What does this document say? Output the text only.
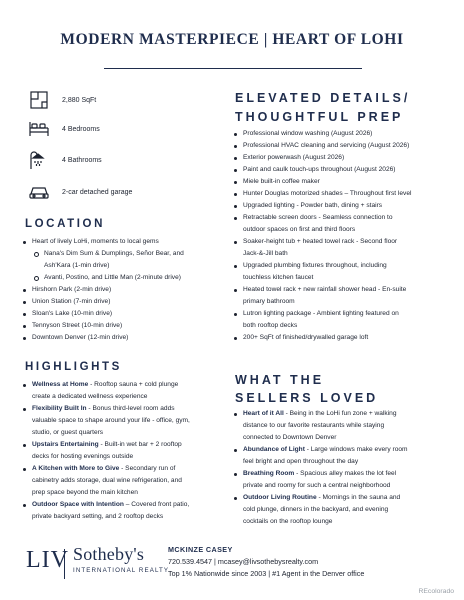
MODERN MASTERPIECE | HEART OF LOHI
2,880 SqFt
4 Bedrooms
4 Bathrooms
2-car detached garage
LOCATION
Heart of lively LoHi, moments to local gems
Nana's Dim Sum & Dumplings, Señor Bear, and
Ash'Kara (1-min drive)
Avanti, Postino, and Little Man (2-minute drive)
Hirshorn Park (2-min drive)
Union Station (7-min drive)
Sloan's Lake (10-min drive)
Tennyson Street (10-min drive)
Downtown Denver (12-min drive)
HIGHLIGHTS
Wellness at Home - Rooftop sauna + cold plunge
create a dedicated wellness experience
Flexibility Built In - Bonus third-level room adds
valuable space to shape around your life - office, gym,
studio, or guest quarters
Upstairs Entertaining - Built-in wet bar + 2 rooftop
decks for hosting evenings outside
A Kitchen with More to Give - Secondary run of
cabinetry adds storage, dual wine refrigeration, and
prep space beyond the main kitchen
Outdoor Space with Intention – Covered front patio,
private backyard setting, and 2 rooftop decks
ELEVATED DETAILS/
THOUGHTFUL PREP
Professional window washing (August 2026)
Professional HVAC cleaning and servicing (August 2026)
Exterior powerwash (August 2026)
Paint and caulk touch-ups throughout (August 2026)
Miele built-in coffee maker
Hunter Douglas motorized shades – Throughout first level
Upgraded lighting - Powder bath, dining + stairs
Retractable screen doors - Seamless connection to
outdoor spaces on first and third floors
Soaker-height tub + heated towel rack - Second floor
Jack-&-Jill bath
Upgraded plumbing fixtures throughout, including
touchless kitchen faucet
Heated towel rack + new rainfall shower head - En-suite
primary bathroom
Lutron lighting package - Ambient lighting featured on
both rooftop decks
200+ SqFt of finished/drywalled garage loft
WHAT THE
SELLERS LOVED
Heart of it All - Being in the LoHi fun zone + walking
distance to our favorite restaurants while staying
connected to Downtown Denver
Abundance of Light - Large windows make every room
feel bright and open throughout the day
Breathing Room - Spacious alley makes the lot feel
private and roomy for such a central neighborhood
Outdoor Living Routine - Mornings in the sauna and
cold plunge, dinners in the backyard, and evening
cocktails on the rooftop lounge
LIV Sotheby's
INTERNATIONAL REALTY
MCKINZE CASEY
720.539.4547 | mcasey@livsothebysrealty.com
Top 1% Nationwide since 2003 | #1 Agent in the Denver office
REcolorado
